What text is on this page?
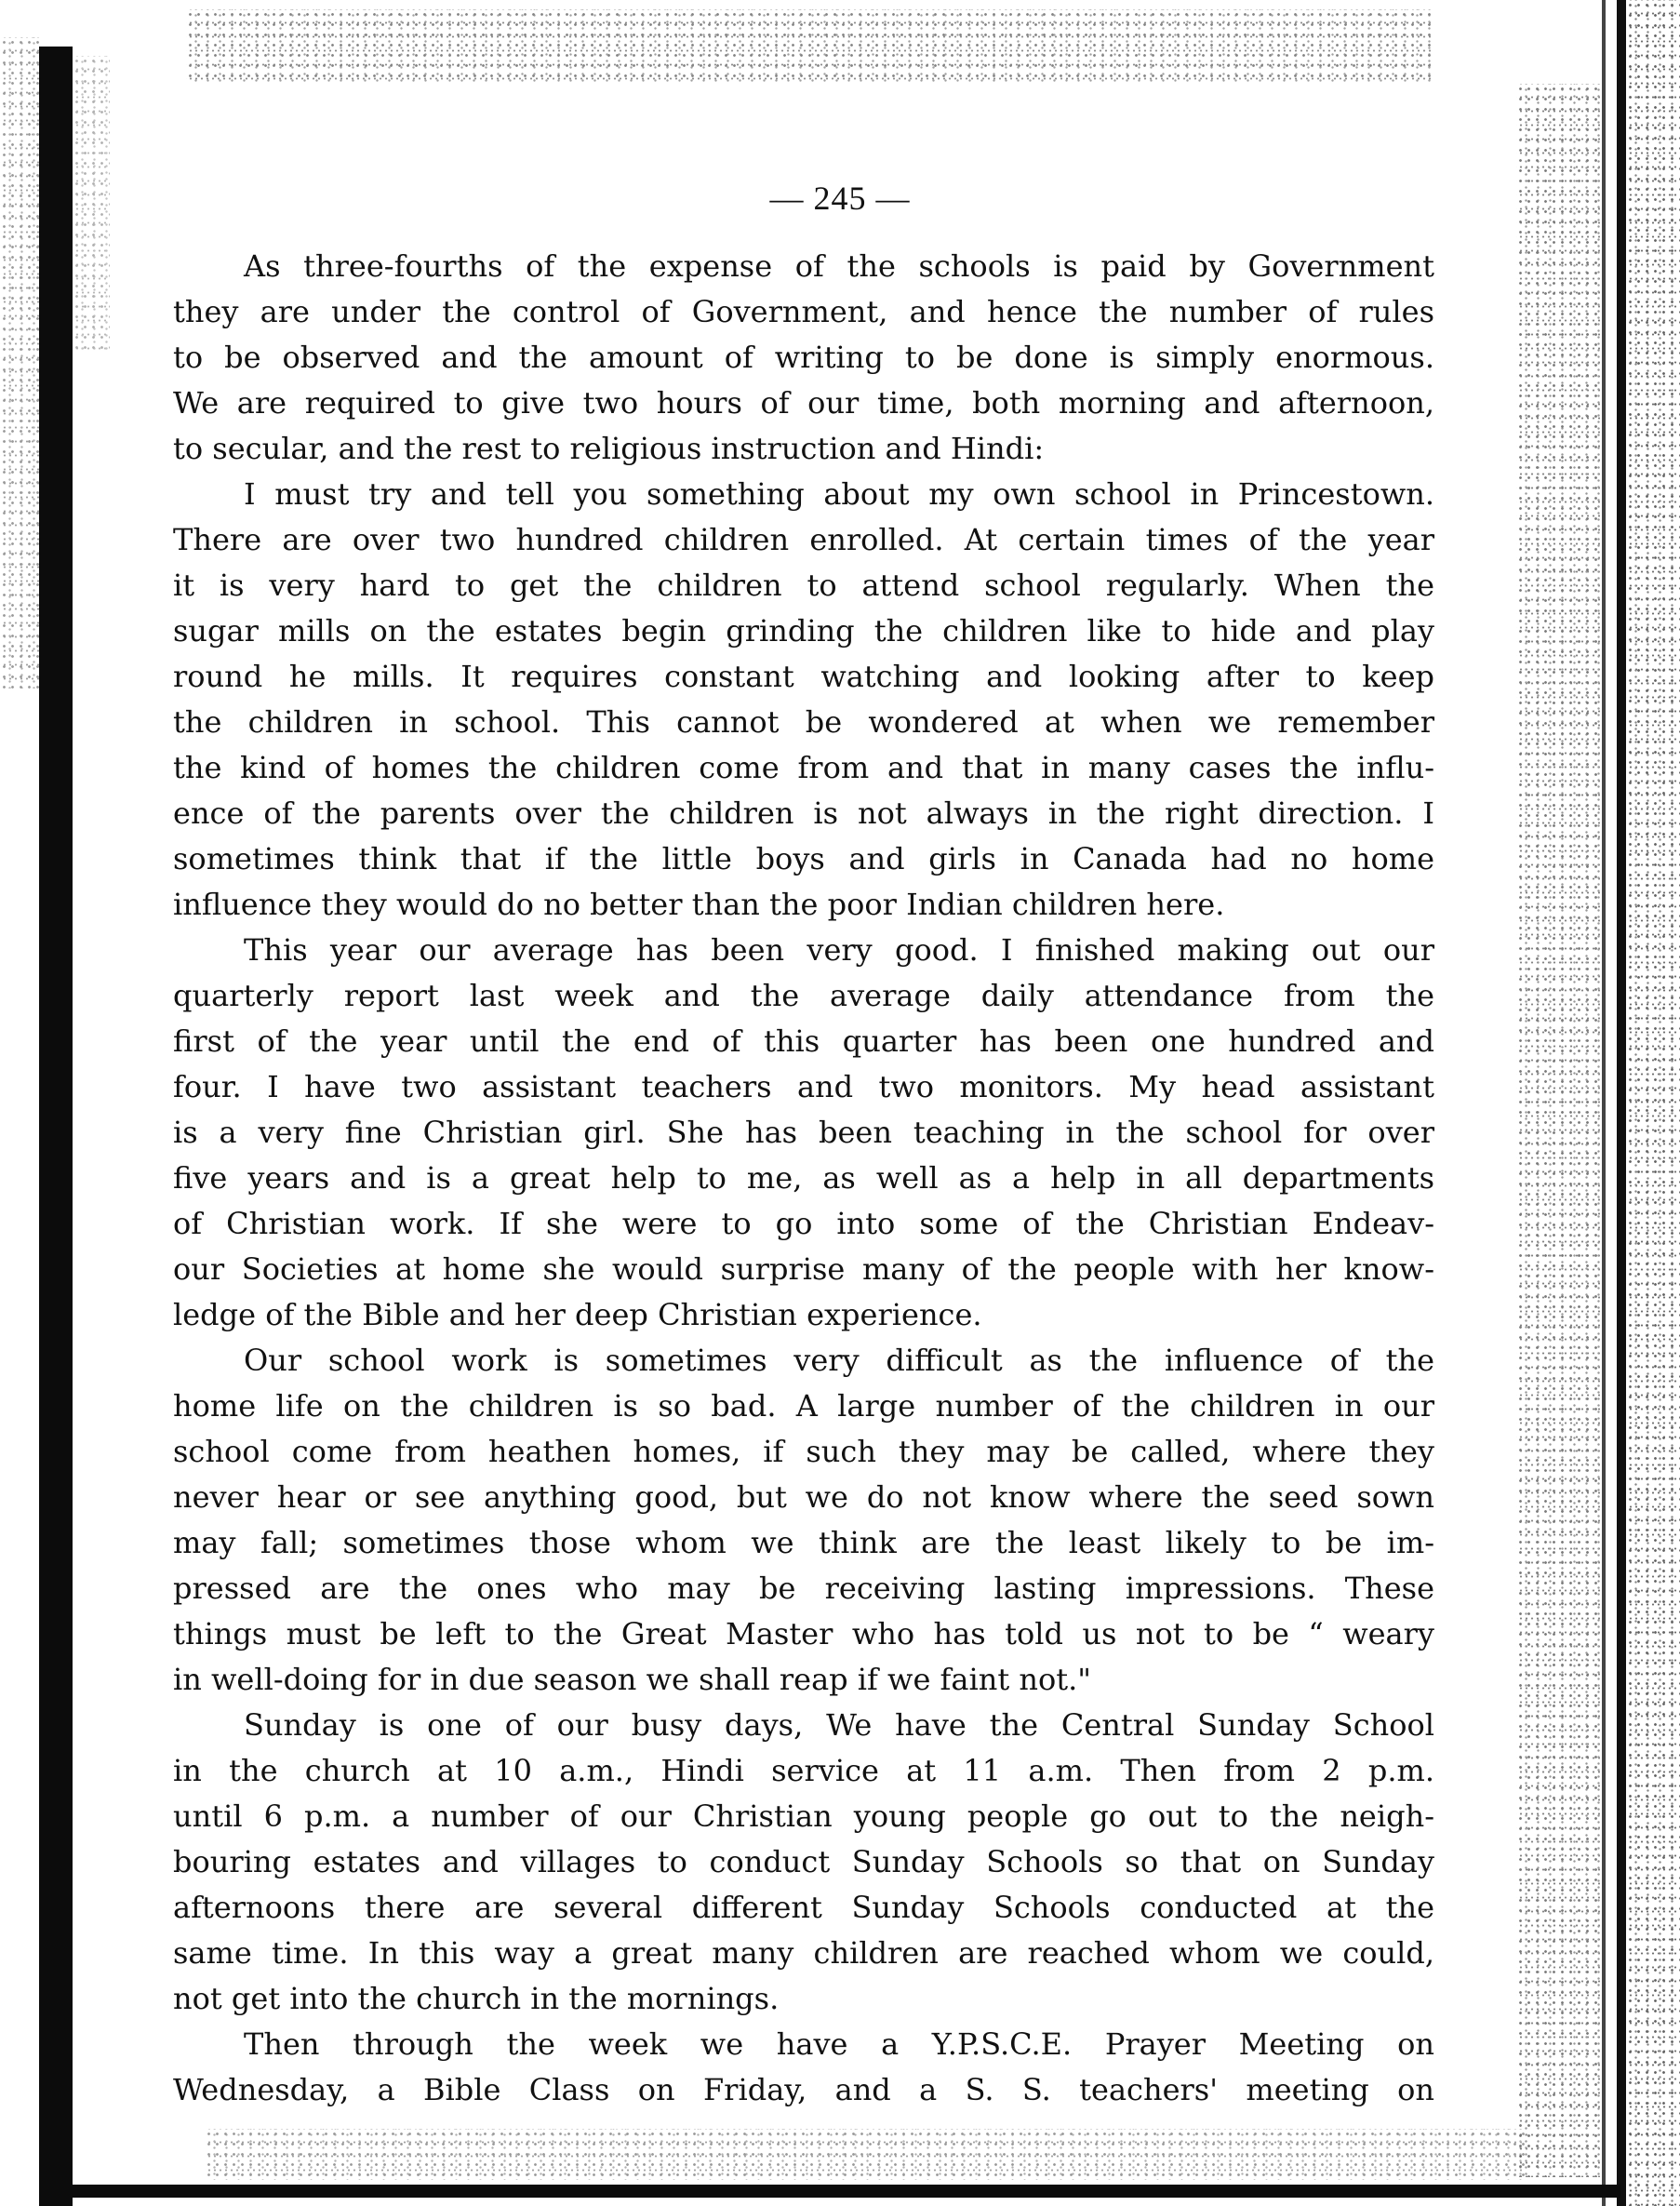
— 245 —
As three-fourths of the expense of the schools is paid by Government
they are under the control of Government, and hence the number of rules
to be observed and the amount of writing to be done is simply enormous.
We are required to give two hours of our time, both morning and afternoon,
to secular, and the rest to religious instruction and Hindi:
I must try and tell you something about my own school in Princestown.
There are over two hundred children enrolled. At certain times of the year
it is very hard to get the children to attend school regularly. When the
sugar mills on the estates begin grinding the children like to hide and play
round he mills. It requires constant watching and looking after to keep
the children in school. This cannot be wondered at when we remember
the kind of homes the children come from and that in many cases the influ-
ence of the parents over the children is not always in the right direction. I
sometimes think that if the little boys and girls in Canada had no home
influence they would do no better than the poor Indian children here.
This year our average has been very good. I finished making out our
quarterly report last week and the average daily attendance from the
first of the year until the end of this quarter has been one hundred and
four. I have two assistant teachers and two monitors. My head assistant
is a very fine Christian girl. She has been teaching in the school for over
five years and is a great help to me, as well as a help in all departments
of Christian work. If she were to go into some of the Christian Endeav-
our Societies at home she would surprise many of the people with her know-
ledge of the Bible and her deep Christian experience.
Our school work is sometimes very difficult as the influence of the
home life on the children is so bad. A large number of the children in our
school come from heathen homes, if such they may be called, where they
never hear or see anything good, but we do not know where the seed sown
may fall; sometimes those whom we think are the least likely to be im-
pressed are the ones who may be receiving lasting impressions. These
things must be left to the Great Master who has told us not to be “ weary
in well-doing for in due season we shall reap if we faint not."
Sunday is one of our busy days, We have the Central Sunday School
in the church at 10 a.m., Hindi service at 11 a.m. Then from 2 p.m.
until 6 p.m. a number of our Christian young people go out to the neigh-
bouring estates and villages to conduct Sunday Schools so that on Sunday
afternoons there are several different Sunday Schools conducted at the
same time. In this way a great many children are reached whom we could,
not get into the church in the mornings.
Then through the week we have a Y.P.S.C.E. Prayer Meeting on
Wednesday, a Bible Class on Friday, and a S. S. teachers' meeting on
